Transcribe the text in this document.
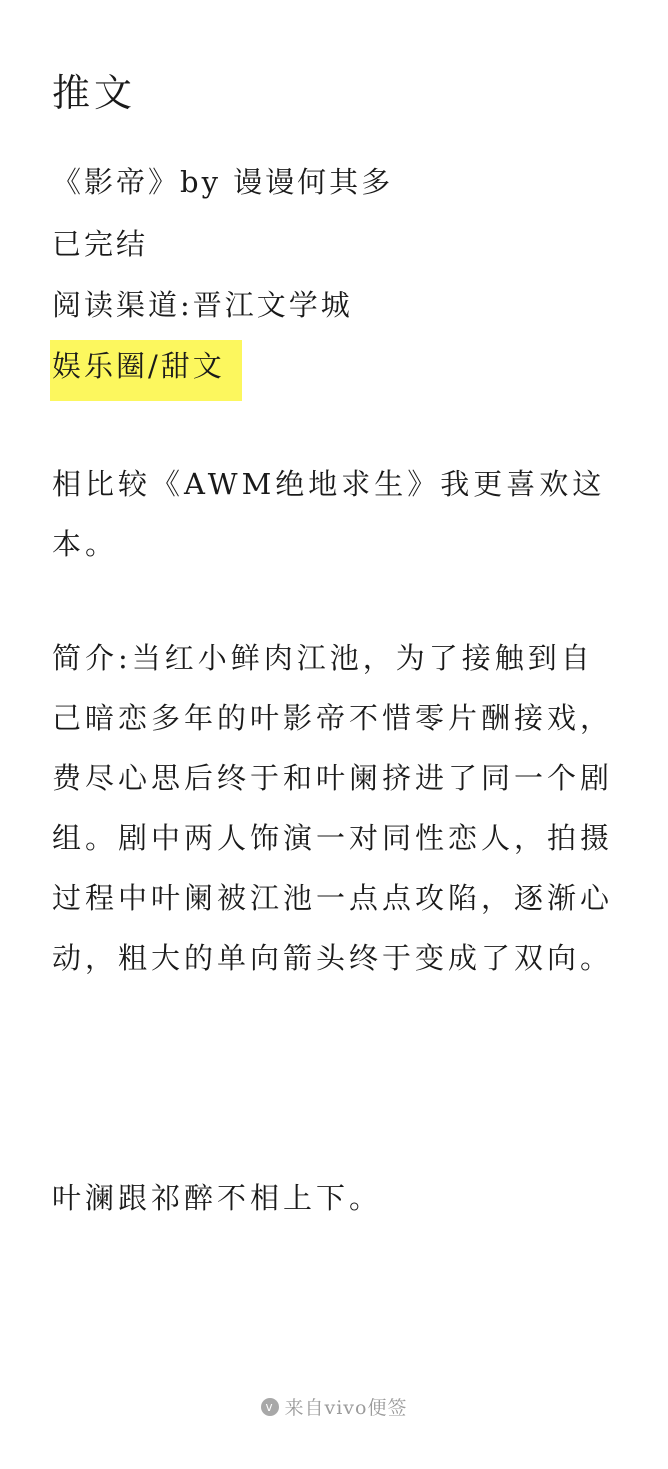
推文
《影帝》by 谩谩何其多
已完结
阅读渠道:晋江文学城
娱乐圈/甜文
相比较《AWM绝地求生》我更喜欢这本。
简介:当红小鲜肉江池，为了接触到自己暗恋多年的叶影帝不惜零片酬接戏，费尽心思后终于和叶阑挤进了同一个剧组。剧中两人饰演一对同性恋人，拍摄过程中叶阑被江池一点点攻陷，逐渐心动，粗大的单向箭头终于变成了双向。
叶澜跟祁醉不相上下。
v 来自vivo便签
